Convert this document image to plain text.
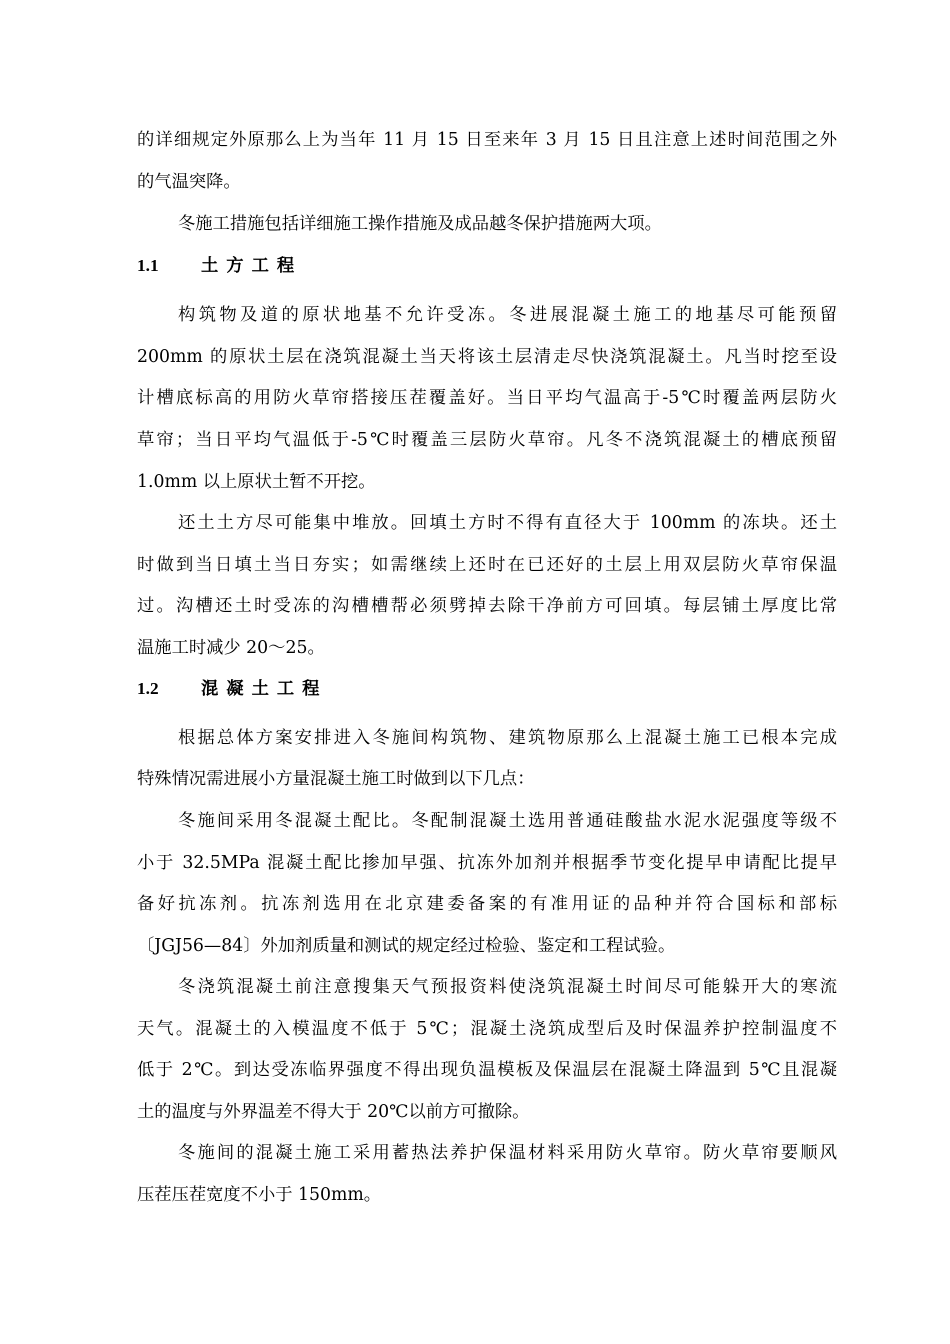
的详细规定外原那么上为当年 11 月 15 日至来年 3 月 15 日且注意上述时间范围之外
的气温突降。
冬施工措施包括详细施工操作措施及成品越冬保护措施两大项。
1.1 土方工程
构筑物及道的原状地基不允许受冻。冬进展混凝土施工的地基尽可能预留
200mm 的原状土层在浇筑混凝土当天将该土层清走尽快浇筑混凝土。凡当时挖至设
计槽底标高的用防火草帘搭接压茬覆盖好。当日平均气温高于-5℃时覆盖两层防火
草帘；当日平均气温低于-5℃时覆盖三层防火草帘。凡冬不浇筑混凝土的槽底预留
1.0mm 以上原状土暂不开挖。
还土土方尽可能集中堆放。回填土方时不得有直径大于 100mm 的冻块。还土
时做到当日填土当日夯实；如需继续上还时在已还好的土层上用双层防火草帘保温
过。沟槽还土时受冻的沟槽槽帮必须劈掉去除干净前方可回填。每层铺土厚度比常
温施工时减少 20～25。
1.2 混凝土工程
根据总体方案安排进入冬施间构筑物、建筑物原那么上混凝土施工已根本完成
特殊情况需进展小方量混凝土施工时做到以下几点：
冬施间采用冬混凝土配比。冬配制混凝土选用普通硅酸盐水泥水泥强度等级不
小于 32.5MPa 混凝土配比掺加早强、抗冻外加剂并根据季节变化提早申请配比提早
备好抗冻剂。抗冻剂选用在北京建委备案的有准用证的品种并符合国标和部标
〔JGJ56—84〕外加剂质量和测试的规定经过检验、鉴定和工程试验。
冬浇筑混凝土前注意搜集天气预报资料使浇筑混凝土时间尽可能躲开大的寒流
天气。混凝土的入模温度不低于 5℃；混凝土浇筑成型后及时保温养护控制温度不
低于 2℃。到达受冻临界强度不得出现负温模板及保温层在混凝土降温到 5℃且混凝
土的温度与外界温差不得大于 20℃以前方可撤除。
冬施间的混凝土施工采用蓄热法养护保温材料采用防火草帘。防火草帘要顺风
压茬压茬宽度不小于 150mm。
